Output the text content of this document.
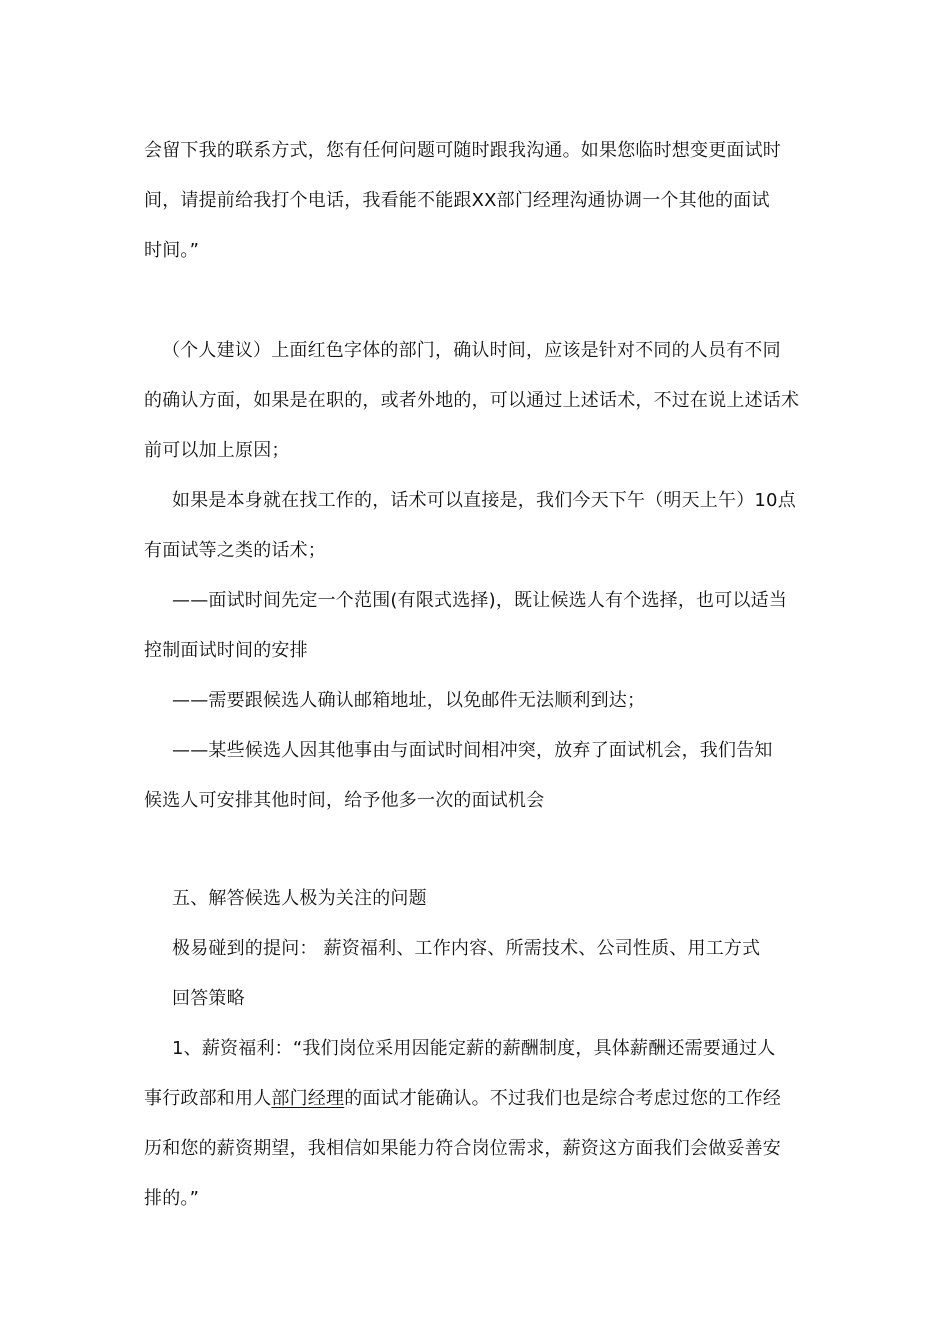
会留下我的联系方式，您有任何问题可随时跟我沟通。如果您临时想变更面试时
间，请提前给我打个电话，我看能不能跟XX部门经理沟通协调一个其他的面试
时间。”
（个人建议）上面红色字体的部门，确认时间，应该是针对不同的人员有不同
的确认方面，如果是在职的，或者外地的，可以通过上述话术，不过在说上述话术
前可以加上原因；
如果是本身就在找工作的，话术可以直接是，我们今天下午（明天上午）10点
有面试等之类的话术；
——面试时间先定一个范围(有限式选择)，既让候选人有个选择，也可以适当
控制面试时间的安排
——需要跟候选人确认邮箱地址，以免邮件无法顺利到达；
——某些候选人因其他事由与面试时间相冲突，放弃了面试机会，我们告知
候选人可安排其他时间，给予他多一次的面试机会
五、解答候选人极为关注的问题
极易碰到的提问： 薪资福利、工作内容、所需技术、公司性质、用工方式
回答策略
1、薪资福利：“我们岗位采用因能定薪的薪酬制度，具体薪酬还需要通过人
事行政部和用人部门经理的面试才能确认。不过我们也是综合考虑过您的工作经
历和您的薪资期望，我相信如果能力符合岗位需求，薪资这方面我们会做妥善安
排的。”
